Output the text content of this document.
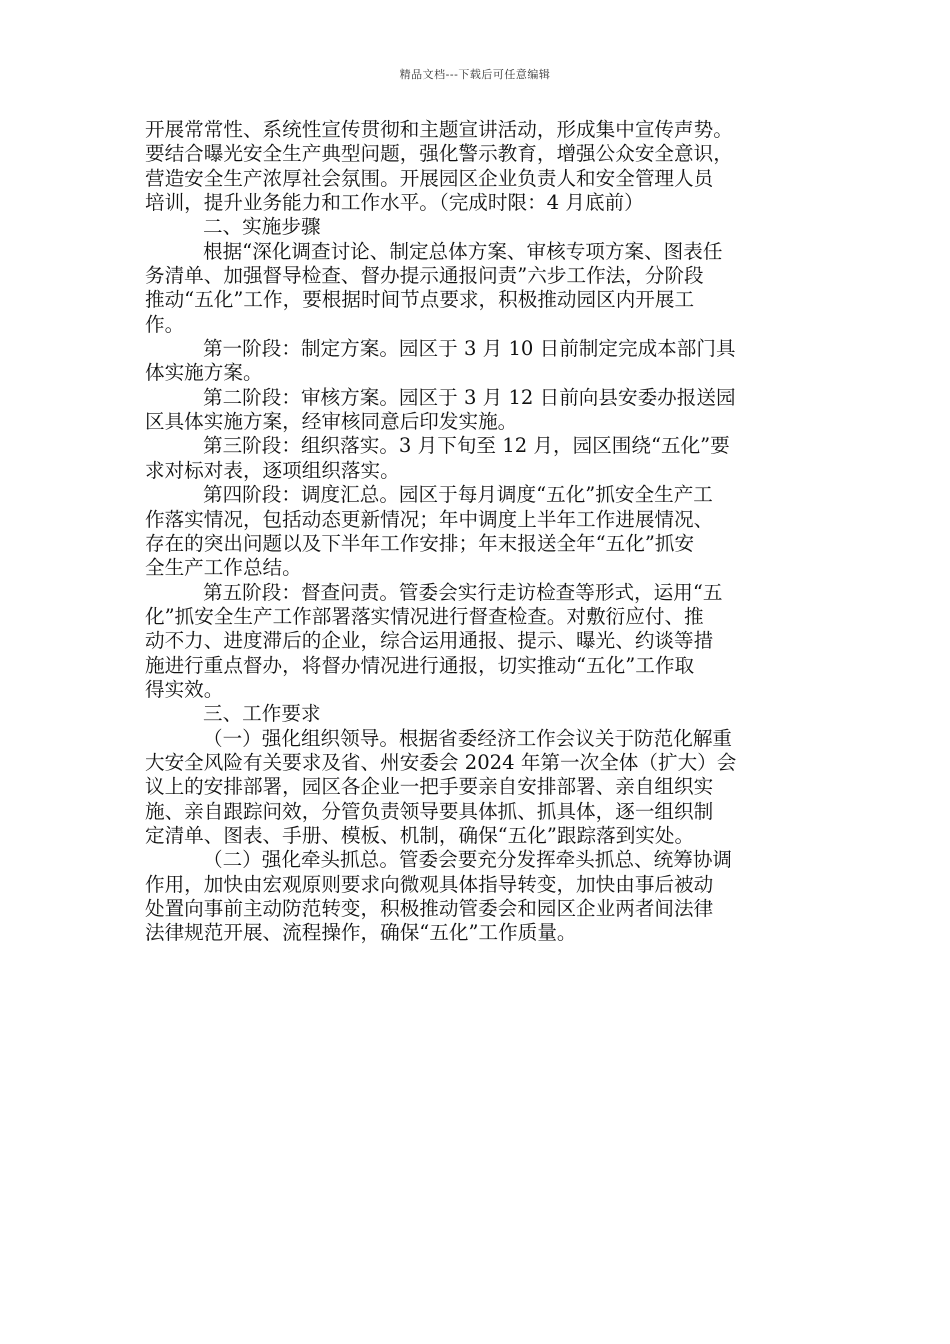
精品文档---下载后可任意编辑
开展常常性、系统性宣传贯彻和主题宣讲活动，形成集中宣传声势。
要结合曝光安全生产典型问题，强化警示教育，增强公众安全意识，
营造安全生产浓厚社会氛围。开展园区企业负责人和安全管理人员
培训，提升业务能力和工作水平。（完成时限：4 月底前）
二、实施步骤
根据“深化调查讨论、制定总体方案、审核专项方案、图表任
务清单、加强督导检查、督办提示通报问责”六步工作法，分阶段
推动“五化”工作，要根据时间节点要求，积极推动园区内开展工
作。
第一阶段：制定方案。园区于 3 月 10 日前制定完成本部门具
体实施方案。
第二阶段：审核方案。园区于 3 月 12 日前向县安委办报送园
区具体实施方案，经审核同意后印发实施。
第三阶段：组织落实。3 月下旬至 12 月，园区围绕“五化”要
求对标对表，逐项组织落实。
第四阶段：调度汇总。园区于每月调度“五化”抓安全生产工
作落实情况，包括动态更新情况；年中调度上半年工作进展情况、
存在的突出问题以及下半年工作安排；年末报送全年“五化”抓安
全生产工作总结。
第五阶段：督查问责。管委会实行走访检查等形式，运用“五
化”抓安全生产工作部署落实情况进行督查检查。对敷衍应付、推
动不力、进度滞后的企业，综合运用通报、提示、曝光、约谈等措
施进行重点督办，将督办情况进行通报，切实推动“五化”工作取
得实效。
三、工作要求
（一）强化组织领导。根据省委经济工作会议关于防范化解重
大安全风险有关要求及省、州安委会 2024 年第一次全体（扩大）会
议上的安排部署，园区各企业一把手要亲自安排部署、亲自组织实
施、亲自跟踪问效，分管负责领导要具体抓、抓具体，逐一组织制
定清单、图表、手册、模板、机制，确保“五化”跟踪落到实处。
（二）强化牵头抓总。管委会要充分发挥牵头抓总、统筹协调
作用，加快由宏观原则要求向微观具体指导转变，加快由事后被动
处置向事前主动防范转变，积极推动管委会和园区企业两者间法律
法律规范开展、流程操作，确保“五化”工作质量。
